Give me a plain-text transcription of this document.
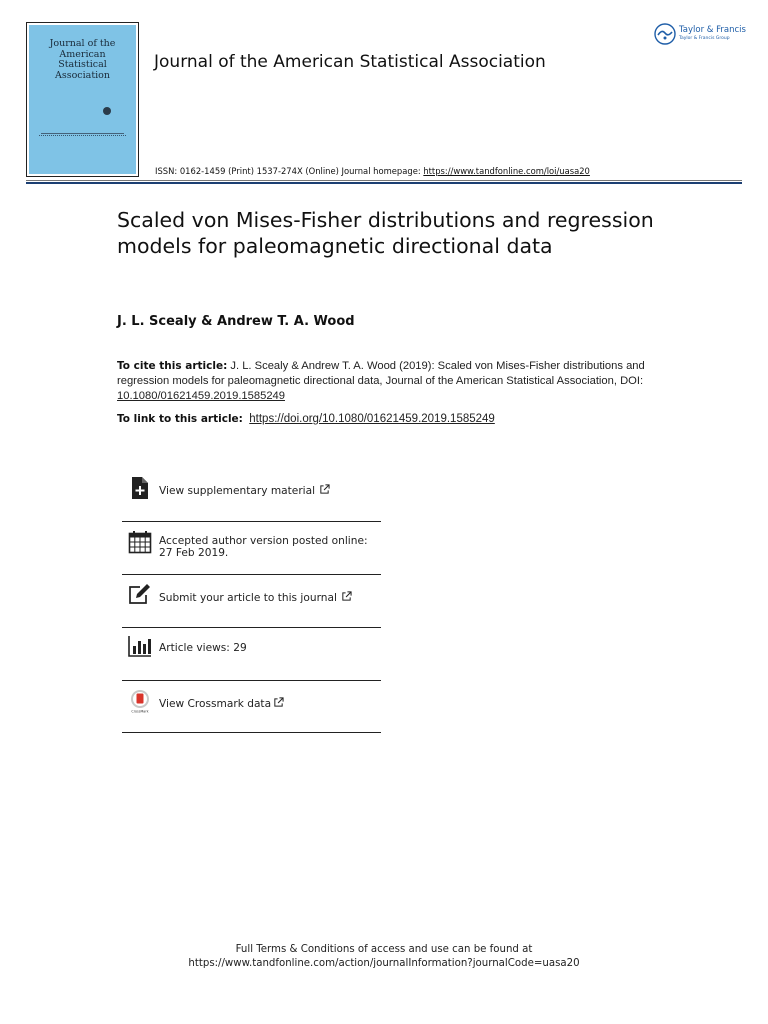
Journal of the
American
Statistical
Association
Journal of the American Statistical Association
Taylor & Francis
Taylor & Francis Group
ISSN: 0162-1459 (Print) 1537-274X (Online) Journal homepage: https://www.tandfonline.com/loi/uasa20
Scaled von Mises-Fisher distributions and regression models for paleomagnetic directional data
J. L. Scealy & Andrew T. A. Wood
To cite this article: J. L. Scealy & Andrew T. A. Wood (2019): Scaled von Mises-Fisher distributions and regression models for paleomagnetic directional data, Journal of the American Statistical Association, DOI: 10.1080/01621459.2019.1585249
To link to this article: https://doi.org/10.1080/01621459.2019.1585249
View supplementary material
Accepted author version posted online: 27 Feb 2019.
Submit your article to this journal
Article views: 29
CrossMark
View Crossmark data
Full Terms & Conditions of access and use can be found at
https://www.tandfonline.com/action/journalInformation?journalCode=uasa20
